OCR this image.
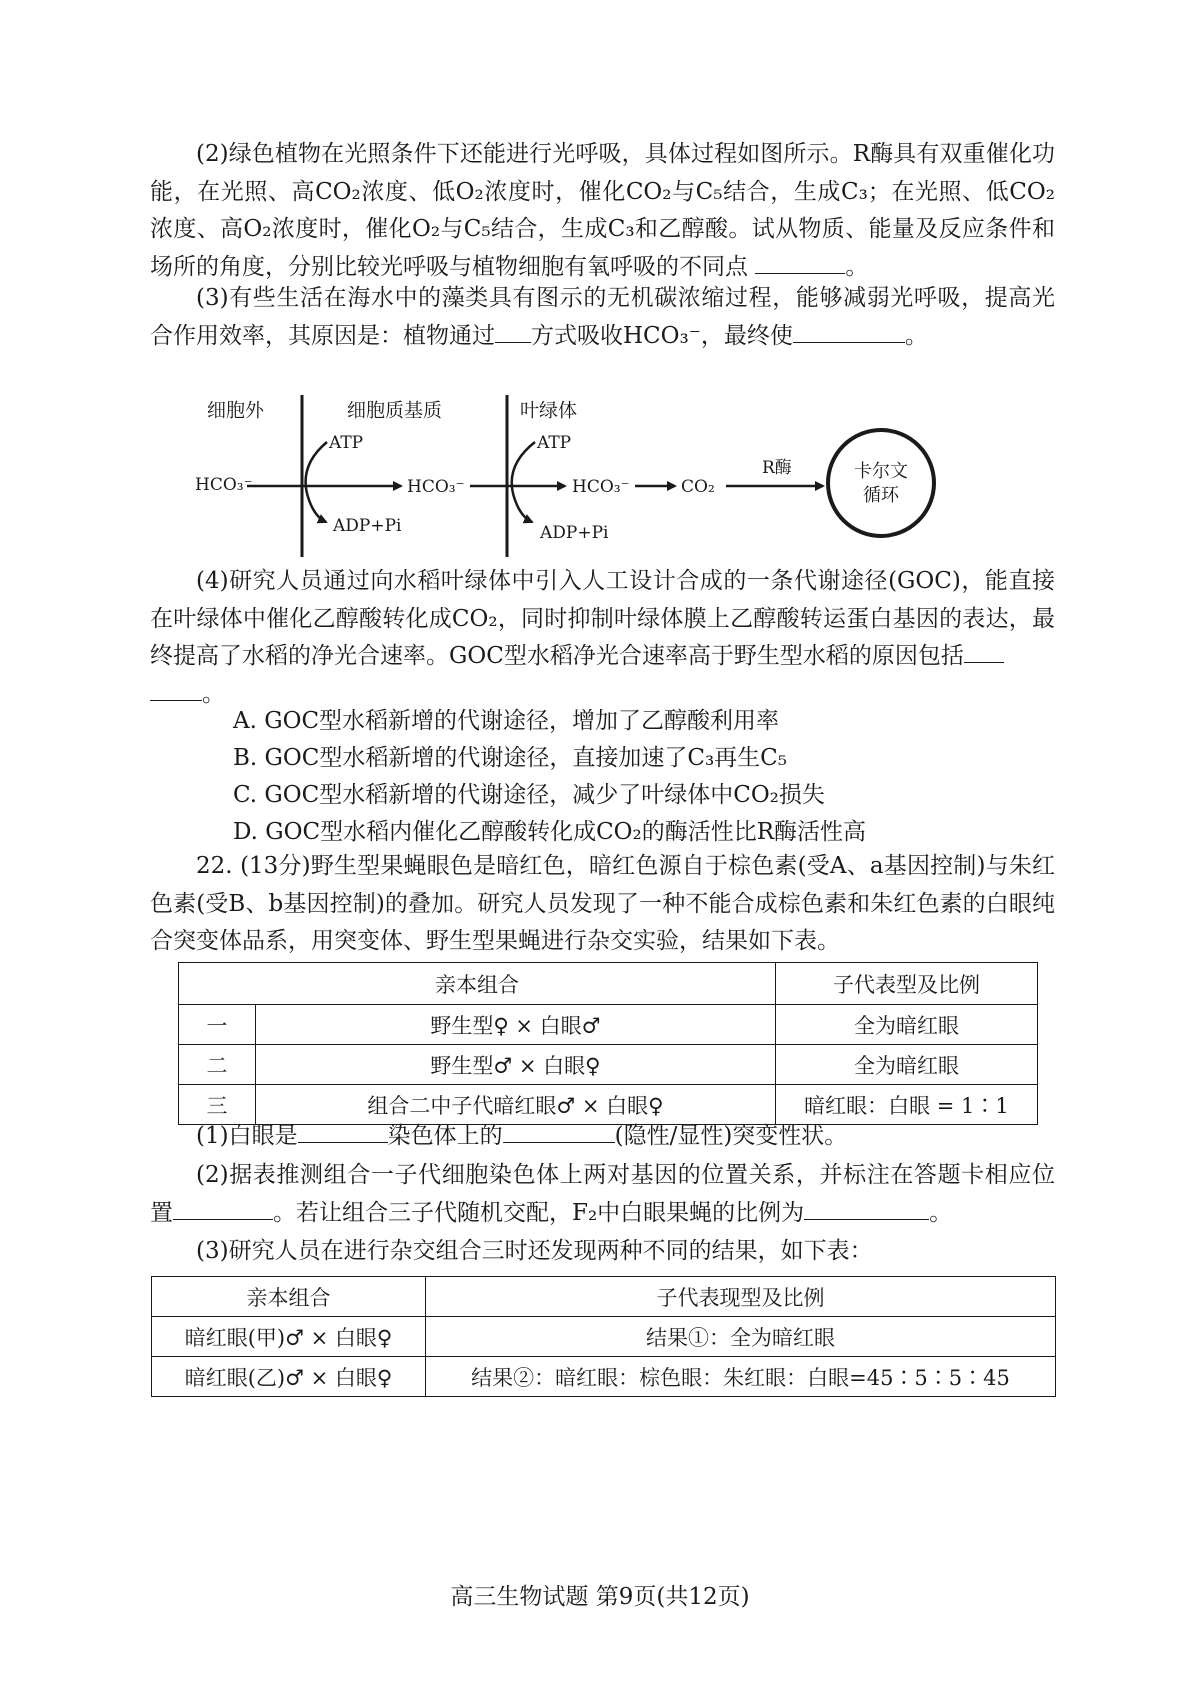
(2)绿色植物在光照条件下还能进行光呼吸，具体过程如图所示。R酶具有双重催化功能，在光照、高CO₂浓度、低O₂浓度时，催化CO₂与C₅结合，生成C₃；在光照、低CO₂浓度、高O₂浓度时，催化O₂与C₅结合，生成C₃和乙醇酸。试从物质、能量及反应条件和场所的角度，分别比较光呼吸与植物细胞有氧呼吸的不同点	。
(3)有些生活在海水中的藻类具有图示的无机碳浓缩过程，能够减弱光呼吸，提高光合作用效率，其原因是：植物通过 方式吸收HCO₃⁻，最终使	。
细胞外	细胞质基质	叶绿体
HCO₃⁻	HCO₃⁻	HCO₃⁻	CO₂
R酶
ATP
ADP+Pi
ATP
ADP+Pi
卡尔文
循环
(4)研究人员通过向水稻叶绿体中引入人工设计合成的一条代谢途径(GOC)，能直接在叶绿体中催化乙醇酸转化成CO₂，同时抑制叶绿体膜上乙醇酸转运蛋白基因的表达，最终提高了水稻的净光合速率。GOC型水稻净光合速率高于野生型水稻的原因包括
。
A. GOC型水稻新增的代谢途径，增加了乙醇酸利用率
B. GOC型水稻新增的代谢途径，直接加速了C₃再生C₅
C. GOC型水稻新增的代谢途径，减少了叶绿体中CO₂损失
D. GOC型水稻内催化乙醇酸转化成CO₂的酶活性比R酶活性高
22. (13分)野生型果蝇眼色是暗红色，暗红色源自于棕色素(受A、a基因控制)与朱红色素(受B、b基因控制)的叠加。研究人员发现了一种不能合成棕色素和朱红色素的白眼纯合突变体品系，用突变体、野生型果蝇进行杂交实验，结果如下表。
亲本组合		子代表型及比例
一	野生型♀ × 白眼♂	全为暗红眼
二	野生型♂ × 白眼♀	全为暗红眼
三	组合二中子代暗红眼♂ × 白眼♀	暗红眼：白眼 = 1∶1
(1)白眼是	染色体上的	(隐性/显性)突变性状。
(2)据表推测组合一子代细胞染色体上两对基因的位置关系，并标注在答题卡相应位置	。若让组合三子代随机交配，F₂中白眼果蝇的比例为	。
(3)研究人员在进行杂交组合三时还发现两种不同的结果，如下表：
亲本组合	子代表现型及比例
暗红眼(甲)♂ × 白眼♀	结果①：全为暗红眼
暗红眼(乙)♂ × 白眼♀	结果②：暗红眼：棕色眼：朱红眼：白眼=45∶5∶5∶45
高三生物试题 第9页(共12页)
